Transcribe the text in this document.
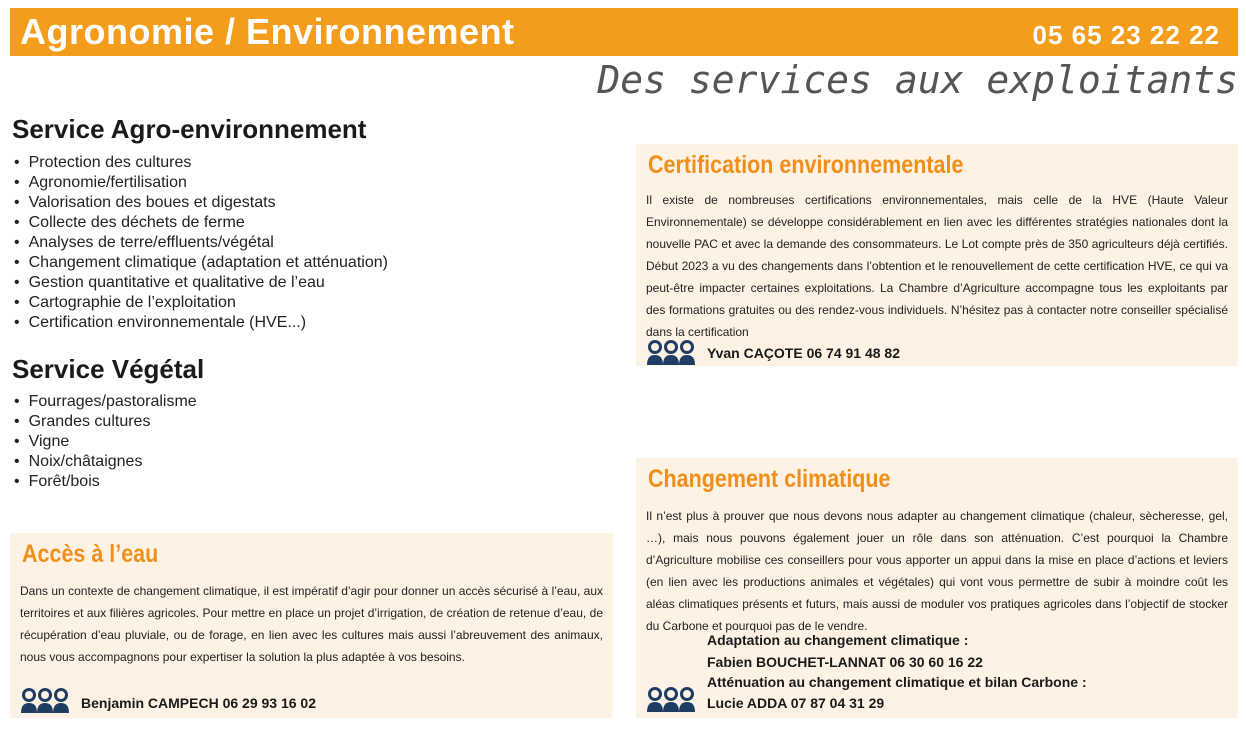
Agronomie / Environnement	05 65 23 22 22
Des services aux exploitants
Service Agro-environnement
• Protection des cultures
• Agronomie/fertilisation
• Valorisation des boues et digestats
• Collecte des déchets de ferme
• Analyses de terre/effluents/végétal
• Changement climatique (adaptation et atténuation)
• Gestion quantitative et qualitative de l’eau
• Cartographie de l’exploitation
• Certification environnementale (HVE...)
Service Végétal
• Fourrages/pastoralisme
• Grandes cultures
• Vigne
• Noix/châtaignes
• Forêt/bois
Accès à l’eau
Dans un contexte de changement climatique, il est impératif d’agir pour donner un accès sécurisé à l’eau, aux territoires et aux filières agricoles. Pour mettre en place un projet d’irrigation, de création de retenue d’eau, de récupération d’eau pluviale, ou de forage, en lien avec les cultures mais aussi l’abreuvement des animaux, nous vous accompagnons pour expertiser la solution la plus adaptée à vos besoins.
Benjamin CAMPECH 06 29 93 16 02
Certification environnementale
Il existe de nombreuses certifications environnementales, mais celle de la HVE (Haute Valeur Environnementale) se développe considérablement en lien avec les différentes stratégies nationales dont la nouvelle PAC et avec la demande des consommateurs. Le Lot compte près de 350 agriculteurs déjà certifiés. Début 2023 a vu des changements dans l’obtention et le renouvellement de cette certification HVE, ce qui va peut-être impacter certaines exploitations. La Chambre d’Agriculture accompagne tous les exploitants par des formations gratuites ou des rendez-vous individuels. N’hésitez pas à contacter notre conseiller spécialisé dans la certification
Yvan CAÇOTE 06 74 91 48 82
Changement climatique
Il n’est plus à prouver que nous devons nous adapter au changement climatique (chaleur, sècheresse, gel, …), mais nous pouvons également jouer un rôle dans son atténuation. C’est pourquoi la Chambre d’Agriculture mobilise ces conseillers pour vous apporter un appui dans la mise en place d’actions et leviers (en lien avec les productions animales et végétales) qui vont vous permettre de subir à moindre coût les aléas climatiques présents et futurs, mais aussi de moduler vos pratiques agricoles dans l’objectif de stocker du Carbone et pourquoi pas de le vendre.
Adaptation au changement climatique :
Fabien BOUCHET-LANNAT 06 30 60 16 22
Atténuation au changement climatique et bilan Carbone :
Lucie ADDA 07 87 04 31 29
